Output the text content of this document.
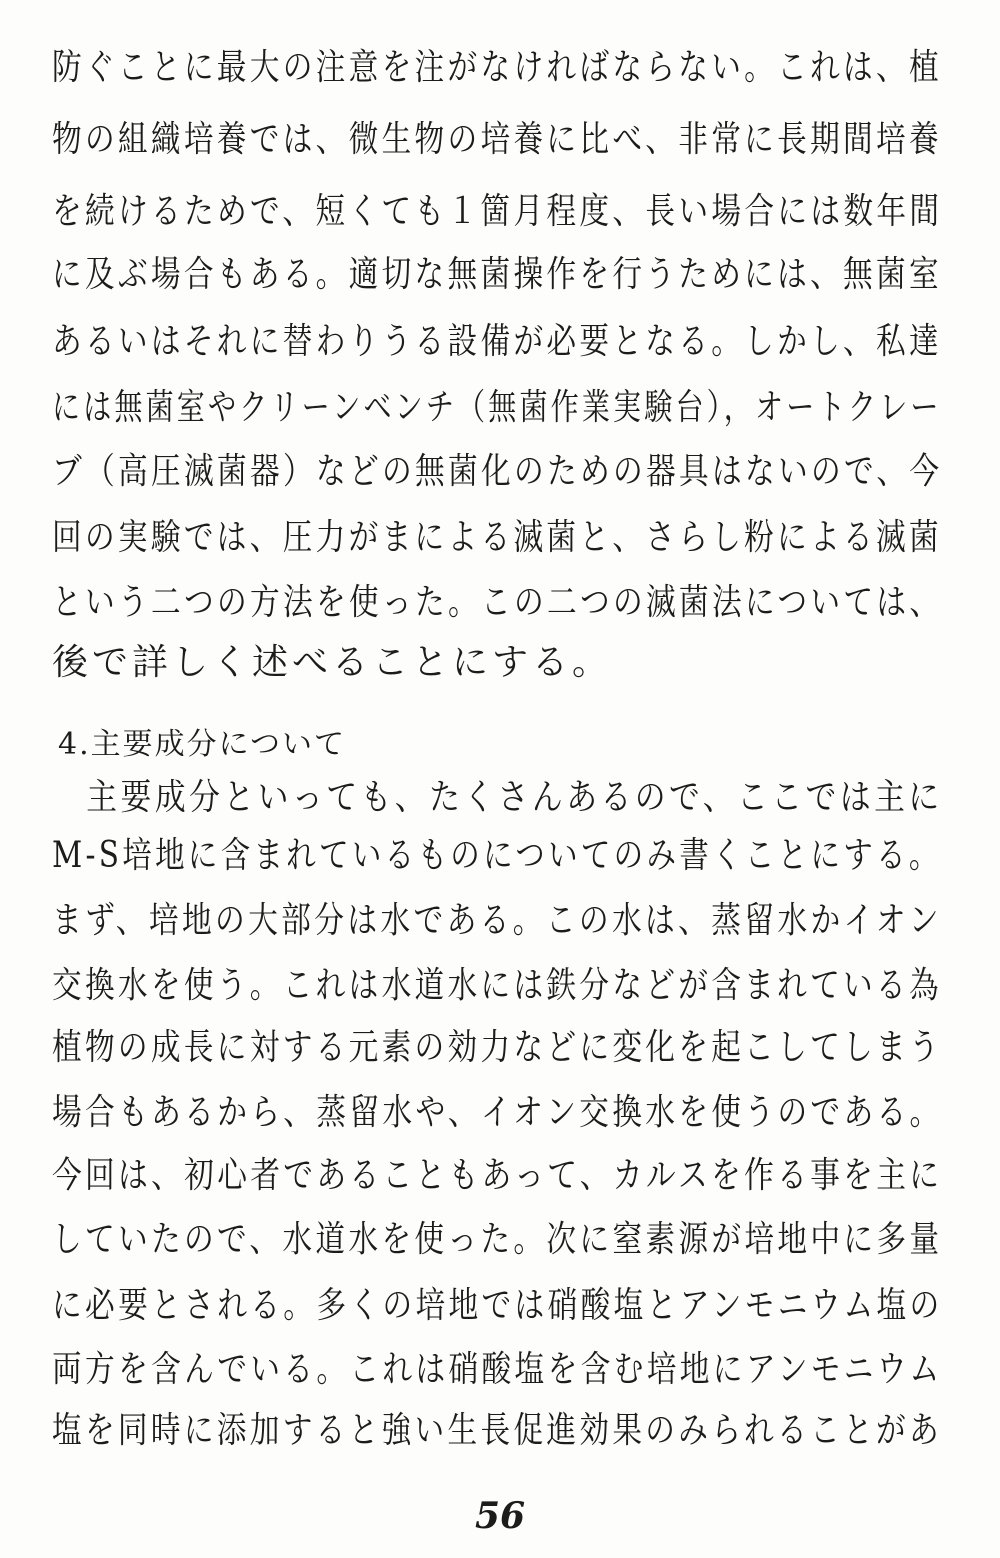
防ぐことに最大の注意を注がなければならない。これは、植
物の組織培養では、微生物の培養に比べ、非常に長期間培養
を続けるためで、短くても１箇月程度、長い場合には数年間
に及ぶ場合もある。適切な無菌操作を行うためには、無菌室
あるいはそれに替わりうる設備が必要となる。しかし、私達
には無菌室やクリーンベンチ（無菌作業実験台），オートクレー
ブ（高圧滅菌器）などの無菌化のための器具はないので、今
回の実験では、圧力がまによる滅菌と、さらし粉による滅菌
という二つの方法を使った。この二つの滅菌法については、
後で詳しく述べることにする。
4.主要成分について
　主要成分といっても、たくさんあるので、ここでは主に
M-S培地に含まれているものについてのみ書くことにする。
まず、培地の大部分は水である。この水は、蒸留水かイオン
交換水を使う。これは水道水には鉄分などが含まれている為
植物の成長に対する元素の効力などに変化を起こしてしまう
場合もあるから、蒸留水や、イオン交換水を使うのである。
今回は、初心者であることもあって、カルスを作る事を主に
していたので、水道水を使った。次に窒素源が培地中に多量
に必要とされる。多くの培地では硝酸塩とアンモニウム塩の
両方を含んでいる。これは硝酸塩を含む培地にアンモニウム
塩を同時に添加すると強い生長促進効果のみられることがあ
56
